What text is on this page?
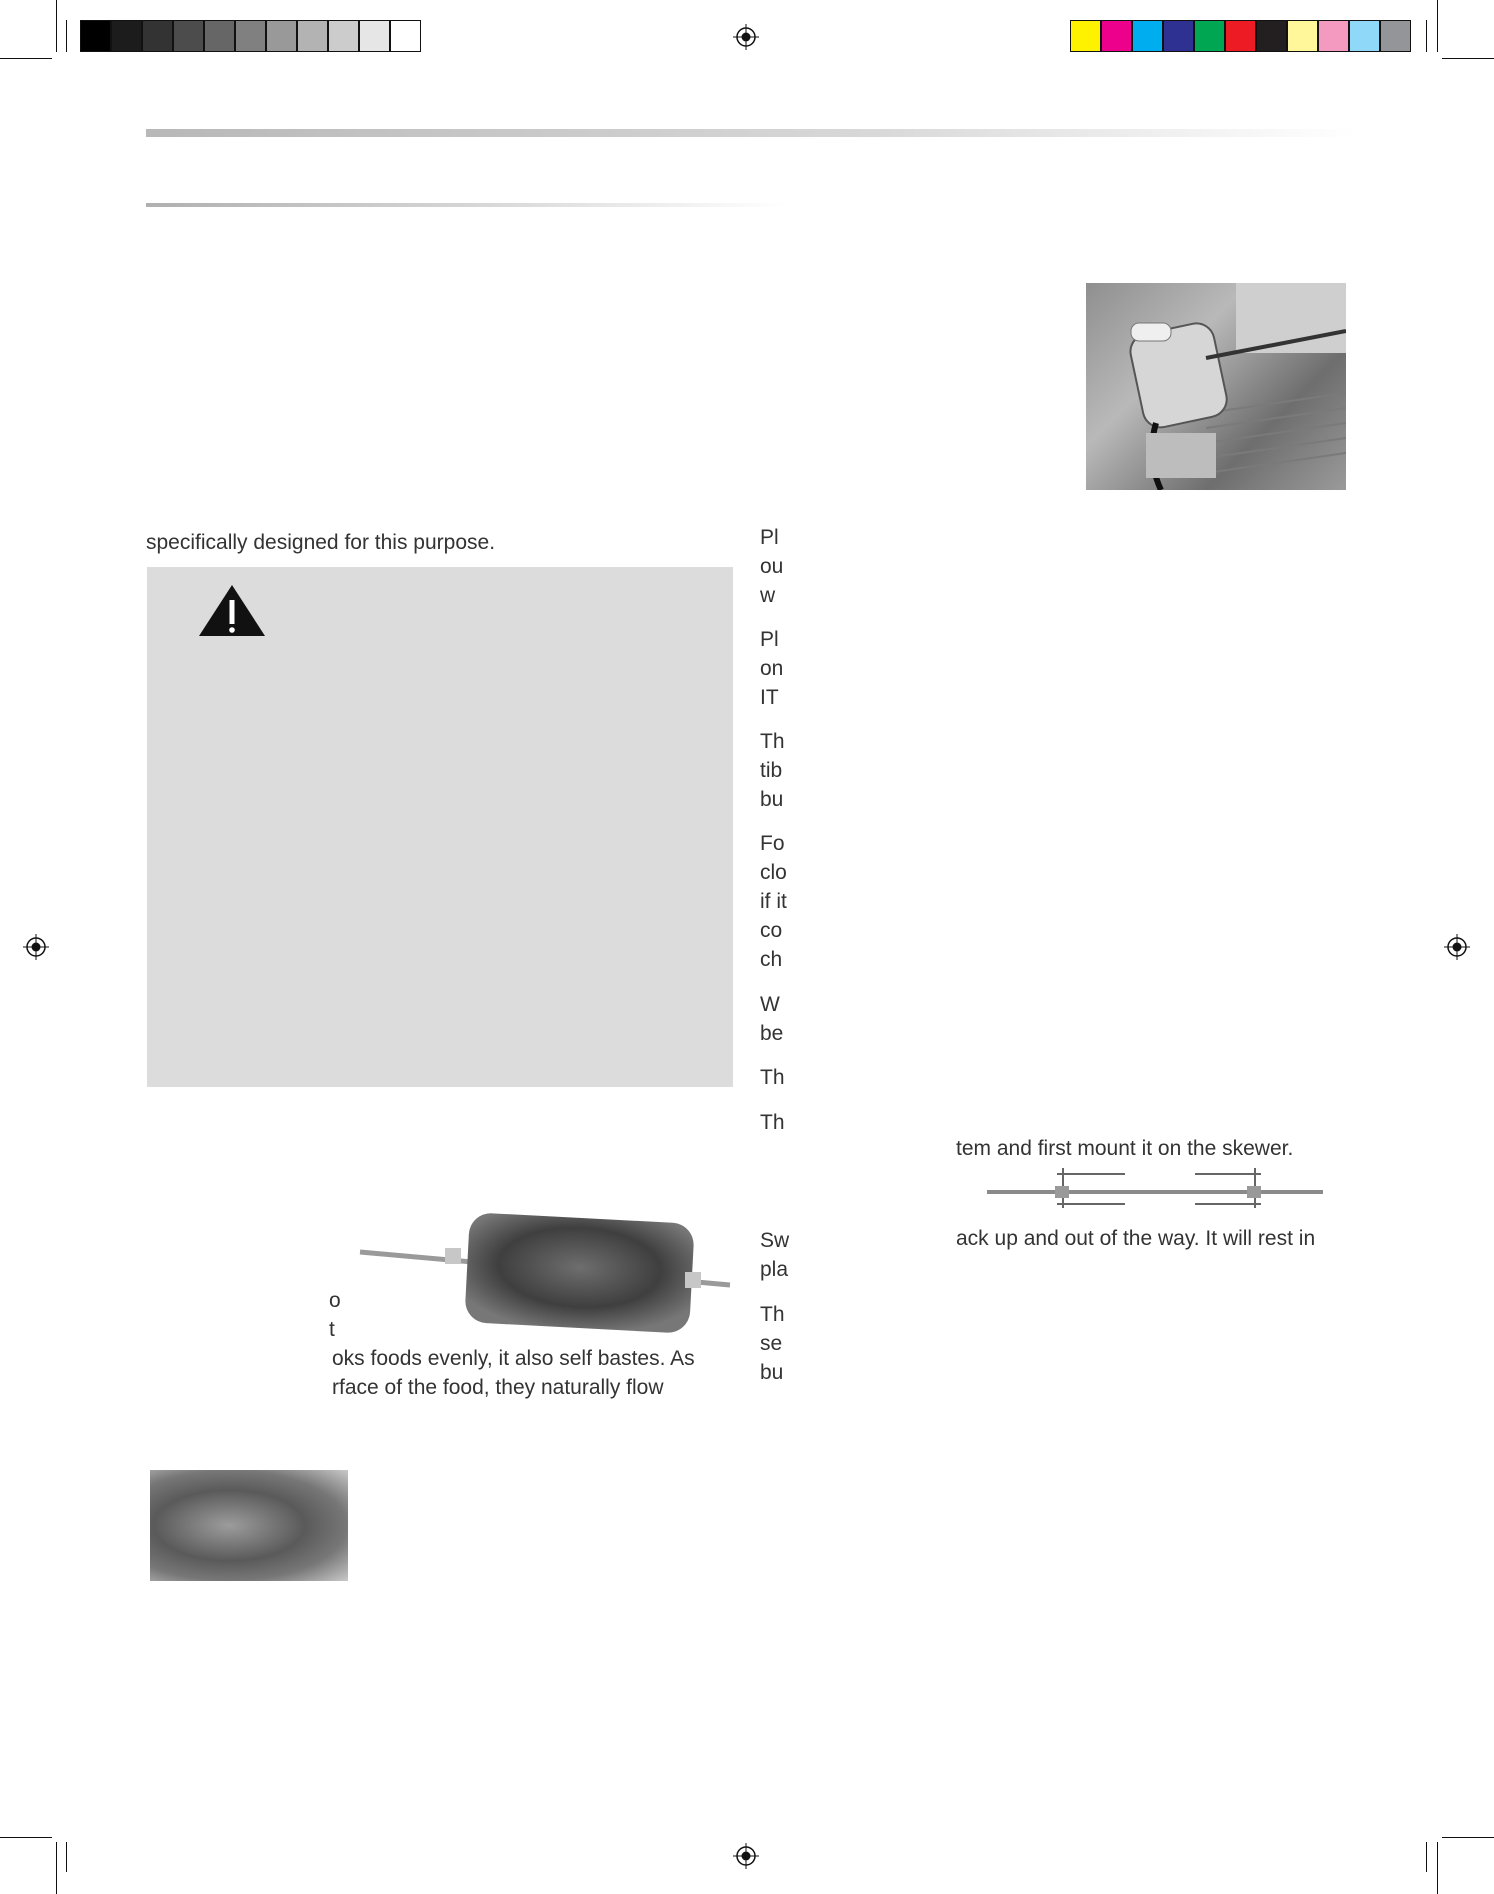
specifically designed for this purpose.
o
t
oks foods evenly, it also self bastes. As
rface of the food, they naturally flow
Pl
ou
w
Pl
on
IT
Th
tib
bu
Fo
clo
if it
co
ch
W
be
Th
Th
Sw
pla
Th
se
bu
tem and first mount it on the skewer.
ack up and out of the way. It will rest in
